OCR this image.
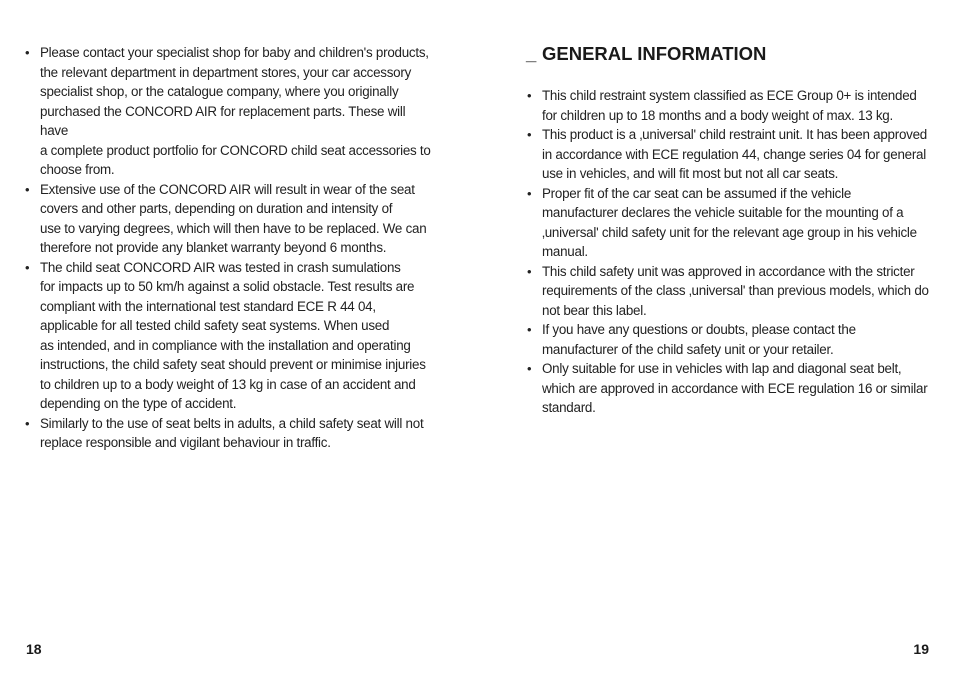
• Please contact your specialist shop for baby and children's products,
the relevant department in department stores, your car accessory
specialist shop, or the catalogue company, where you originally
purchased the CONCORD AIR for replacement parts. These will have
a complete product portfolio for CONCORD child seat accessories to
choose from.
• Extensive use of the CONCORD AIR will result in wear of the seat
covers and other parts, depending on duration and intensity of
use to varying degrees, which will then have to be replaced. We can
therefore not provide any blanket warranty beyond 6 months.
• The child seat CONCORD AIR was tested in crash sumulations
for impacts up to 50 km/h against a solid obstacle. Test results are
compliant with the international test standard ECE R 44 04,
applicable for all tested child safety seat systems. When used
as intended, and in compliance with the installation and operating
instructions, the child safety seat should prevent or minimise injuries
to children up to a body weight of 13 kg in case of an accident and
depending on the type of accident.
• Similarly to the use of seat belts in adults, a child safety seat will not
replace responsible and vigilant behaviour in traffic.
_ GENERAL INFORMATION
• This child restraint system classified as ECE Group 0+ is intended
for children up to 18 months and a body weight of max. 13 kg.
• This product is a ‚universal' child restraint unit. It has been approved
in accordance with ECE regulation 44, change series 04 for general
use in vehicles, and will fit most but not all car seats.
• Proper fit of the car seat can be assumed if the vehicle
manufacturer declares the vehicle suitable for the mounting of a
‚universal' child safety unit for the relevant age group in his vehicle
manual.
• This child safety unit was approved in accordance with the stricter
requirements of the class ‚universal' than previous models, which do
not bear this label.
• If you have any questions or doubts, please contact the
manufacturer of the child safety unit or your retailer.
• Only suitable for use in vehicles with lap and diagonal seat belt,
which are approved in accordance with ECE regulation 16 or similar
standard.
18	19
